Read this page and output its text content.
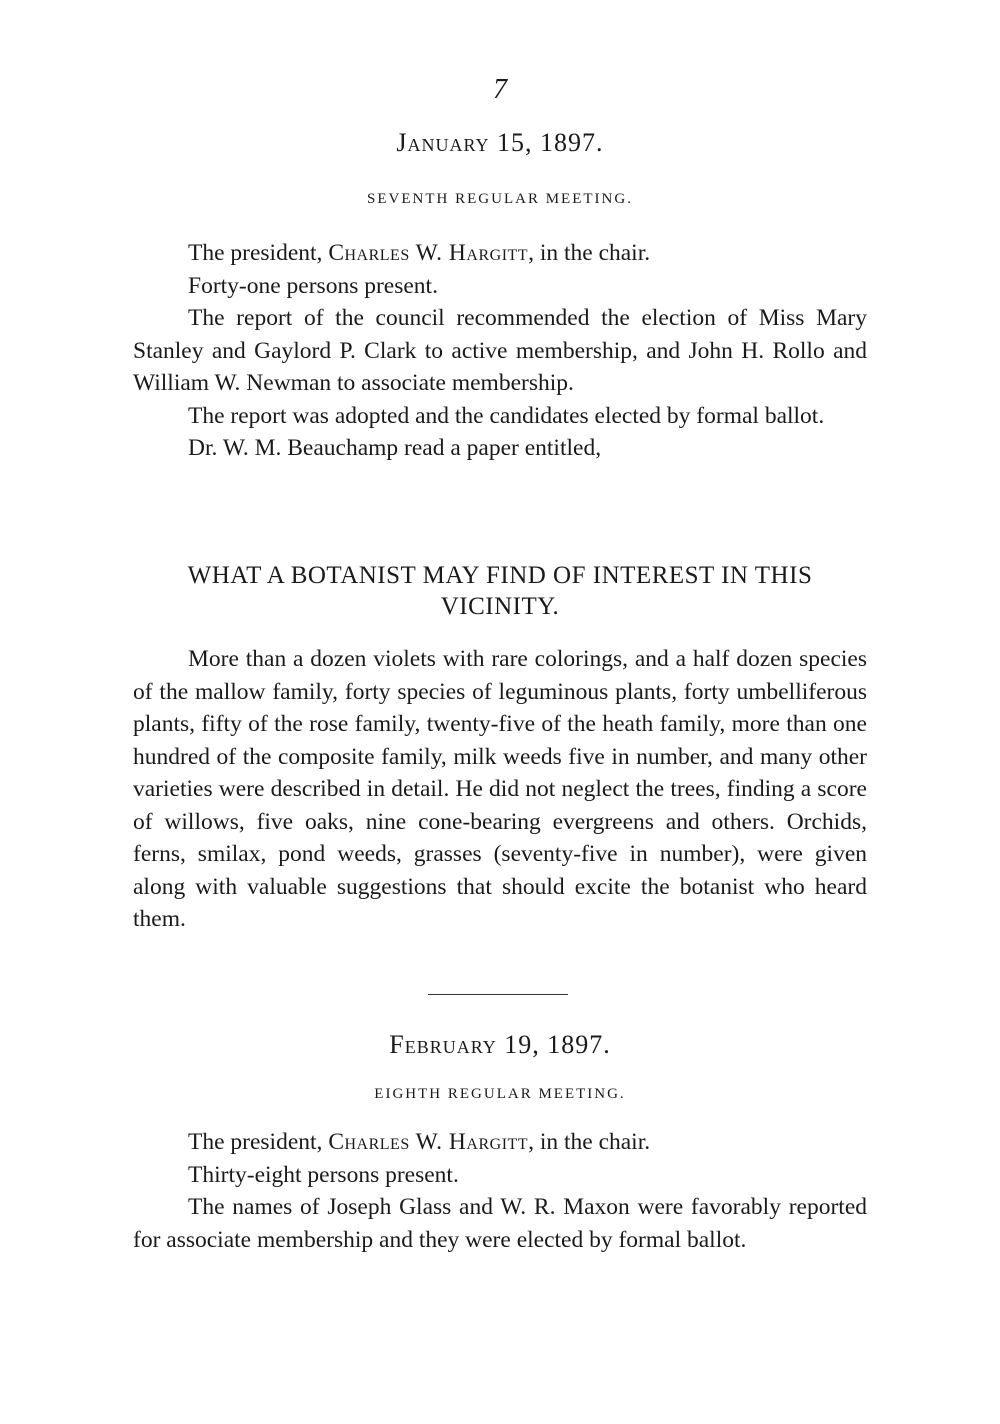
7
January 15, 1897.
SEVENTH REGULAR MEETING.

The president, Charles W. Hargitt, in the chair.

Forty-one persons present.

The report of the council recommended the election of Miss Mary Stanley and Gaylord P. Clark to active membership, and John H. Rollo and William W. Newman to associate membership.

The report was adopted and the candidates elected by formal ballot.

Dr. W. M. Beauchamp read a paper entitled,

WHAT A BOTANIST MAY FIND OF INTEREST IN THIS VICINITY.

More than a dozen violets with rare colorings, and a half dozen species of the mallow family, forty species of leguminous plants, forty umbelliferous plants, fifty of the rose family, twenty-five of the heath family, more than one hundred of the composite family, milk weeds five in number, and many other varieties were described in detail. He did not neglect the trees, finding a score of willows, five oaks, nine cone-bearing evergreens and others. Orchids, ferns, smilax, pond weeds, grasses (seventy-five in number), were given along with valuable suggestions that should excite the botanist who heard them.

February 19, 1897.
EIGHTH REGULAR MEETING.

The president, Charles W. Hargitt, in the chair.

Thirty-eight persons present.

The names of Joseph Glass and W. R. Maxon were favorably reported for associate membership and they were elected by formal ballot.
